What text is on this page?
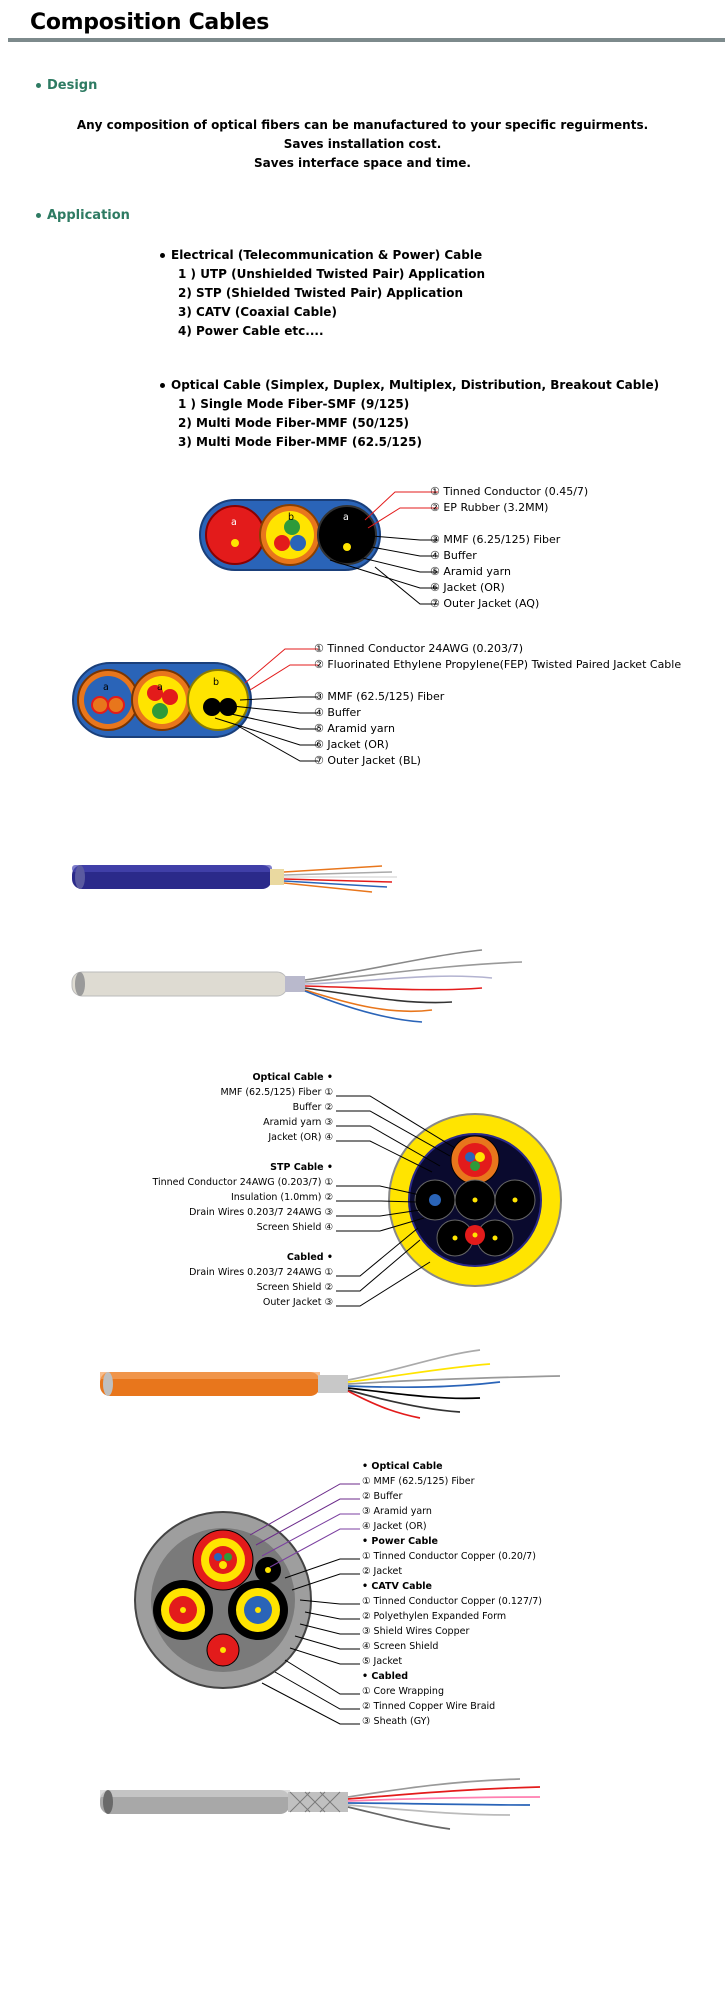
Composition Cables
Design
Any composition of optical fibers can be manufactured to your specific reguirments.
Saves installation cost.
Saves interface space and time.
Application
Electrical (Telecommunication & Power) Cable
1 ) UTP (Unshielded Twisted Pair) Application
2) STP (Shielded Twisted Pair) Application
3) CATV (Coaxial Cable)
4) Power Cable etc....
Optical Cable (Simplex, Duplex, Multiplex, Distribution, Breakout Cable)
1 ) Single Mode Fiber-SMF (9/125)
2) Multi Mode Fiber-MMF (50/125)
3) Multi Mode Fiber-MMF (62.5/125)
a	b	a
① Tinned Conductor (0.45/7)
② EP Rubber (3.2MM)
③ MMF (6.25/125) Fiber
④ Buffer
⑤ Aramid yarn
⑥ Jacket (OR)
⑦ Outer Jacket (AQ)
a	a	b
① Tinned Conductor 24AWG (0.203/7)
② Fluorinated Ethylene Propylene(FEP) Twisted Paired Jacket Cable
③ MMF (62.5/125) Fiber
④ Buffer
⑤ Aramid yarn
⑥ Jacket (OR)
⑦ Outer Jacket (BL)
Optical Cable •
MMF (62.5/125) Fiber ①
Buffer ②
Aramid yarn ③
Jacket (OR) ④
STP Cable •
Tinned Conductor 24AWG (0.203/7) ①
Insulation (1.0mm) ②
Drain Wires 0.203/7 24AWG ③
Screen Shield ④
Cabled •
Drain Wires 0.203/7 24AWG ①
Screen Shield ②
Outer Jacket ③
• Optical Cable
① MMF (62.5/125) Fiber
② Buffer
③ Aramid yarn
④ Jacket (OR)
• Power Cable
① Tinned Conductor Copper (0.20/7)
② Jacket
• CATV Cable
① Tinned Conductor Copper (0.127/7)
② Polyethylen Expanded Form
③ Shield Wires Copper
④ Screen Shield
⑤ Jacket
• Cabled
① Core Wrapping
② Tinned Copper Wire Braid
③ Sheath (GY)
